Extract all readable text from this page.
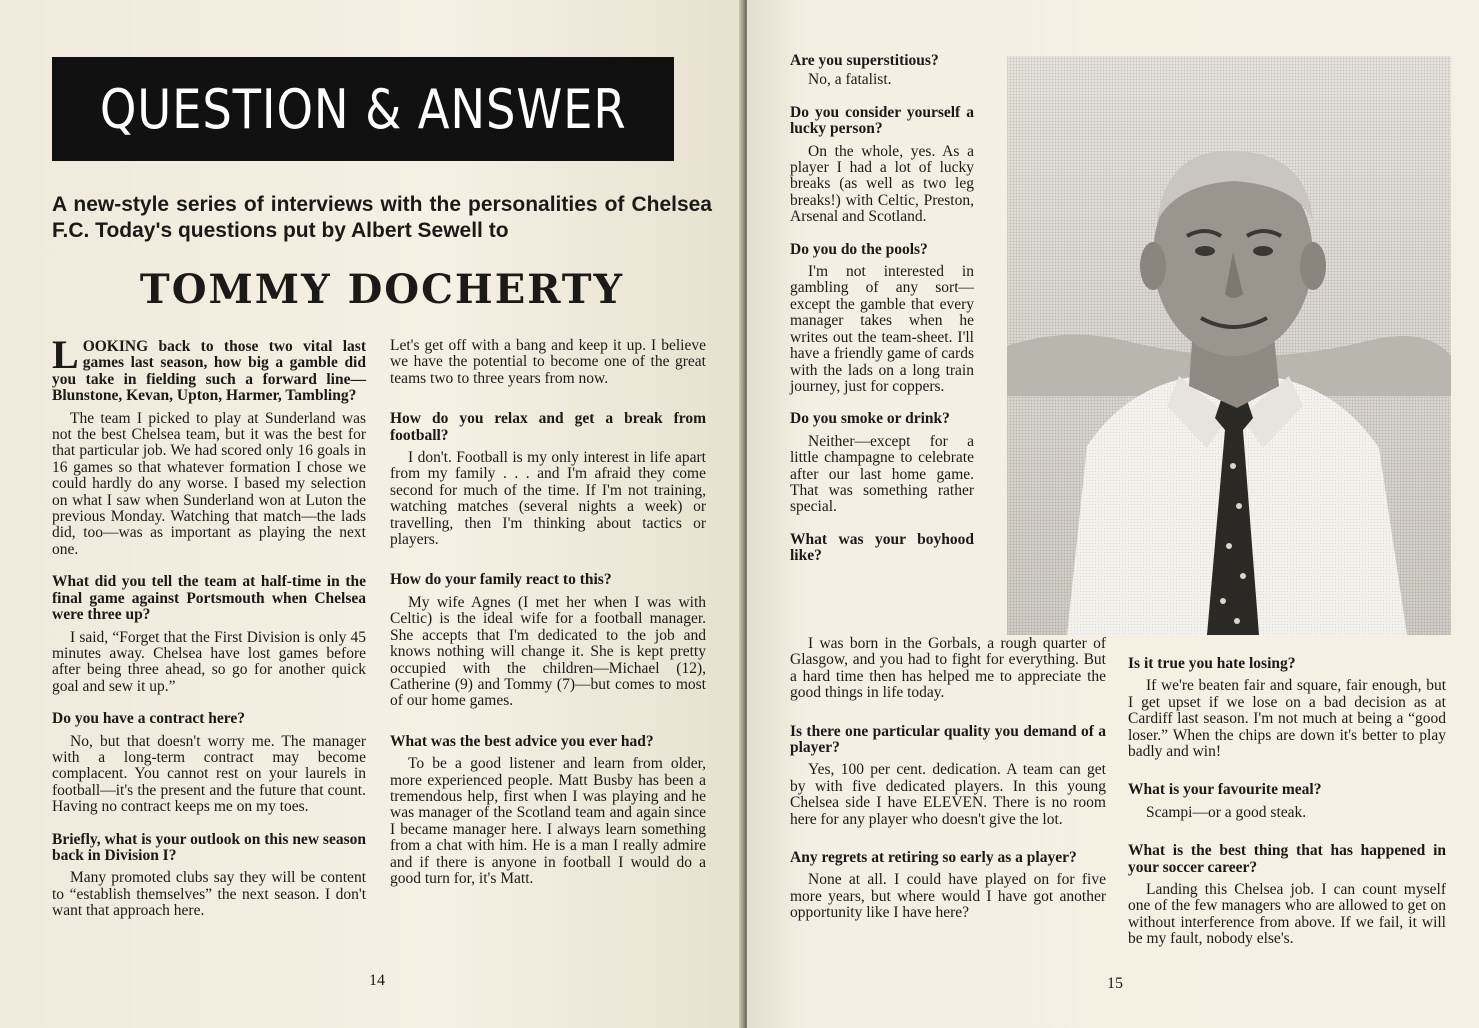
QUESTION & ANSWER
A new-style series of interviews with the personalities of Chelsea F.C. Today's questions put by Albert Sewell to
TOMMY DOCHERTY

LOOKING back to those two vital last games last season, how big a gamble did you take in fielding such a forward line—Blunstone, Kevan, Upton, Harmer, Tambling?

The team I picked to play at Sunderland was not the best Chelsea team, but it was the best for that particular job. We had scored only 16 goals in 16 games so that whatever formation I chose we could hardly do any worse. I based my selection on what I saw when Sunderland won at Luton the previous Monday. Watching that match—the lads did, too—was as important as playing the next one.

What did you tell the team at half-time in the final game against Portsmouth when Chelsea were three up?

I said, “Forget that the First Division is only 45 minutes away. Chelsea have lost games before after being three ahead, so go for another quick goal and sew it up.”

Do you have a contract here?

No, but that doesn't worry me. The manager with a long-term contract may become complacent. You cannot rest on your laurels in football—it's the present and the future that count. Having no contract keeps me on my toes.

Briefly, what is your outlook on this new season back in Division I?

Many promoted clubs say they will be content to “establish themselves” the next season. I don't want that approach here.

Let's get off with a bang and keep it up. I believe we have the potential to become one of the great teams two to three years from now.

How do you relax and get a break from football?

I don't. Football is my only interest in life apart from my family . . . and I'm afraid they come second for much of the time. If I'm not training, watching matches (several nights a week) or travelling, then I'm thinking about tactics or players.

How do your family react to this?

My wife Agnes (I met her when I was with Celtic) is the ideal wife for a football manager. She accepts that I'm dedicated to the job and knows nothing will change it. She is kept pretty occupied with the children—Michael (12), Catherine (9) and Tommy (7)—but comes to most of our home games.

What was the best advice you ever had?

To be a good listener and learn from older, more experienced people. Matt Busby has been a tremendous help, first when I was playing and he was manager of the Scotland team and again since I became manager here. I always learn something from a chat with him. He is a man I really admire and if there is anyone in football I would do a good turn for, it's Matt.

14

Are you superstitious?

No, a fatalist.

Do you consider yourself a lucky person?

On the whole, yes. As a player I had a lot of lucky breaks (as well as two leg breaks!) with Celtic, Preston, Arsenal and Scotland.

Do you do the pools?

I'm not interested in gambling of any sort—except the gamble that every manager takes when he writes out the team-sheet. I'll have a friendly game of cards with the lads on a long train journey, just for coppers.

Do you smoke or drink?

Neither—except for a little champagne to celebrate after our last home game. That was something rather special.

What was your boyhood like?

I was born in the Gorbals, a rough quarter of Glasgow, and you had to fight for everything. But a hard time then has helped me to appreciate the good things in life today.

Is there one particular quality you demand of a player?

Yes, 100 per cent. dedication. A team can get by with five dedicated players. In this young Chelsea side I have ELEVEN. There is no room here for any player who doesn't give the lot.

Any regrets at retiring so early as a player?

None at all. I could have played on for five more years, but where would I have got another opportunity like I have here?

15

Is it true you hate losing?

If we're beaten fair and square, fair enough, but I get upset if we lose on a bad decision as at Cardiff last season. I'm not much at being a “good loser.” When the chips are down it's better to play badly and win!

What is your favourite meal?

Scampi—or a good steak.

What is the best thing that has happened in your soccer career?

Landing this Chelsea job. I can count myself one of the few managers who are allowed to get on without interference from above. If we fail, it will be my fault, nobody else's.
